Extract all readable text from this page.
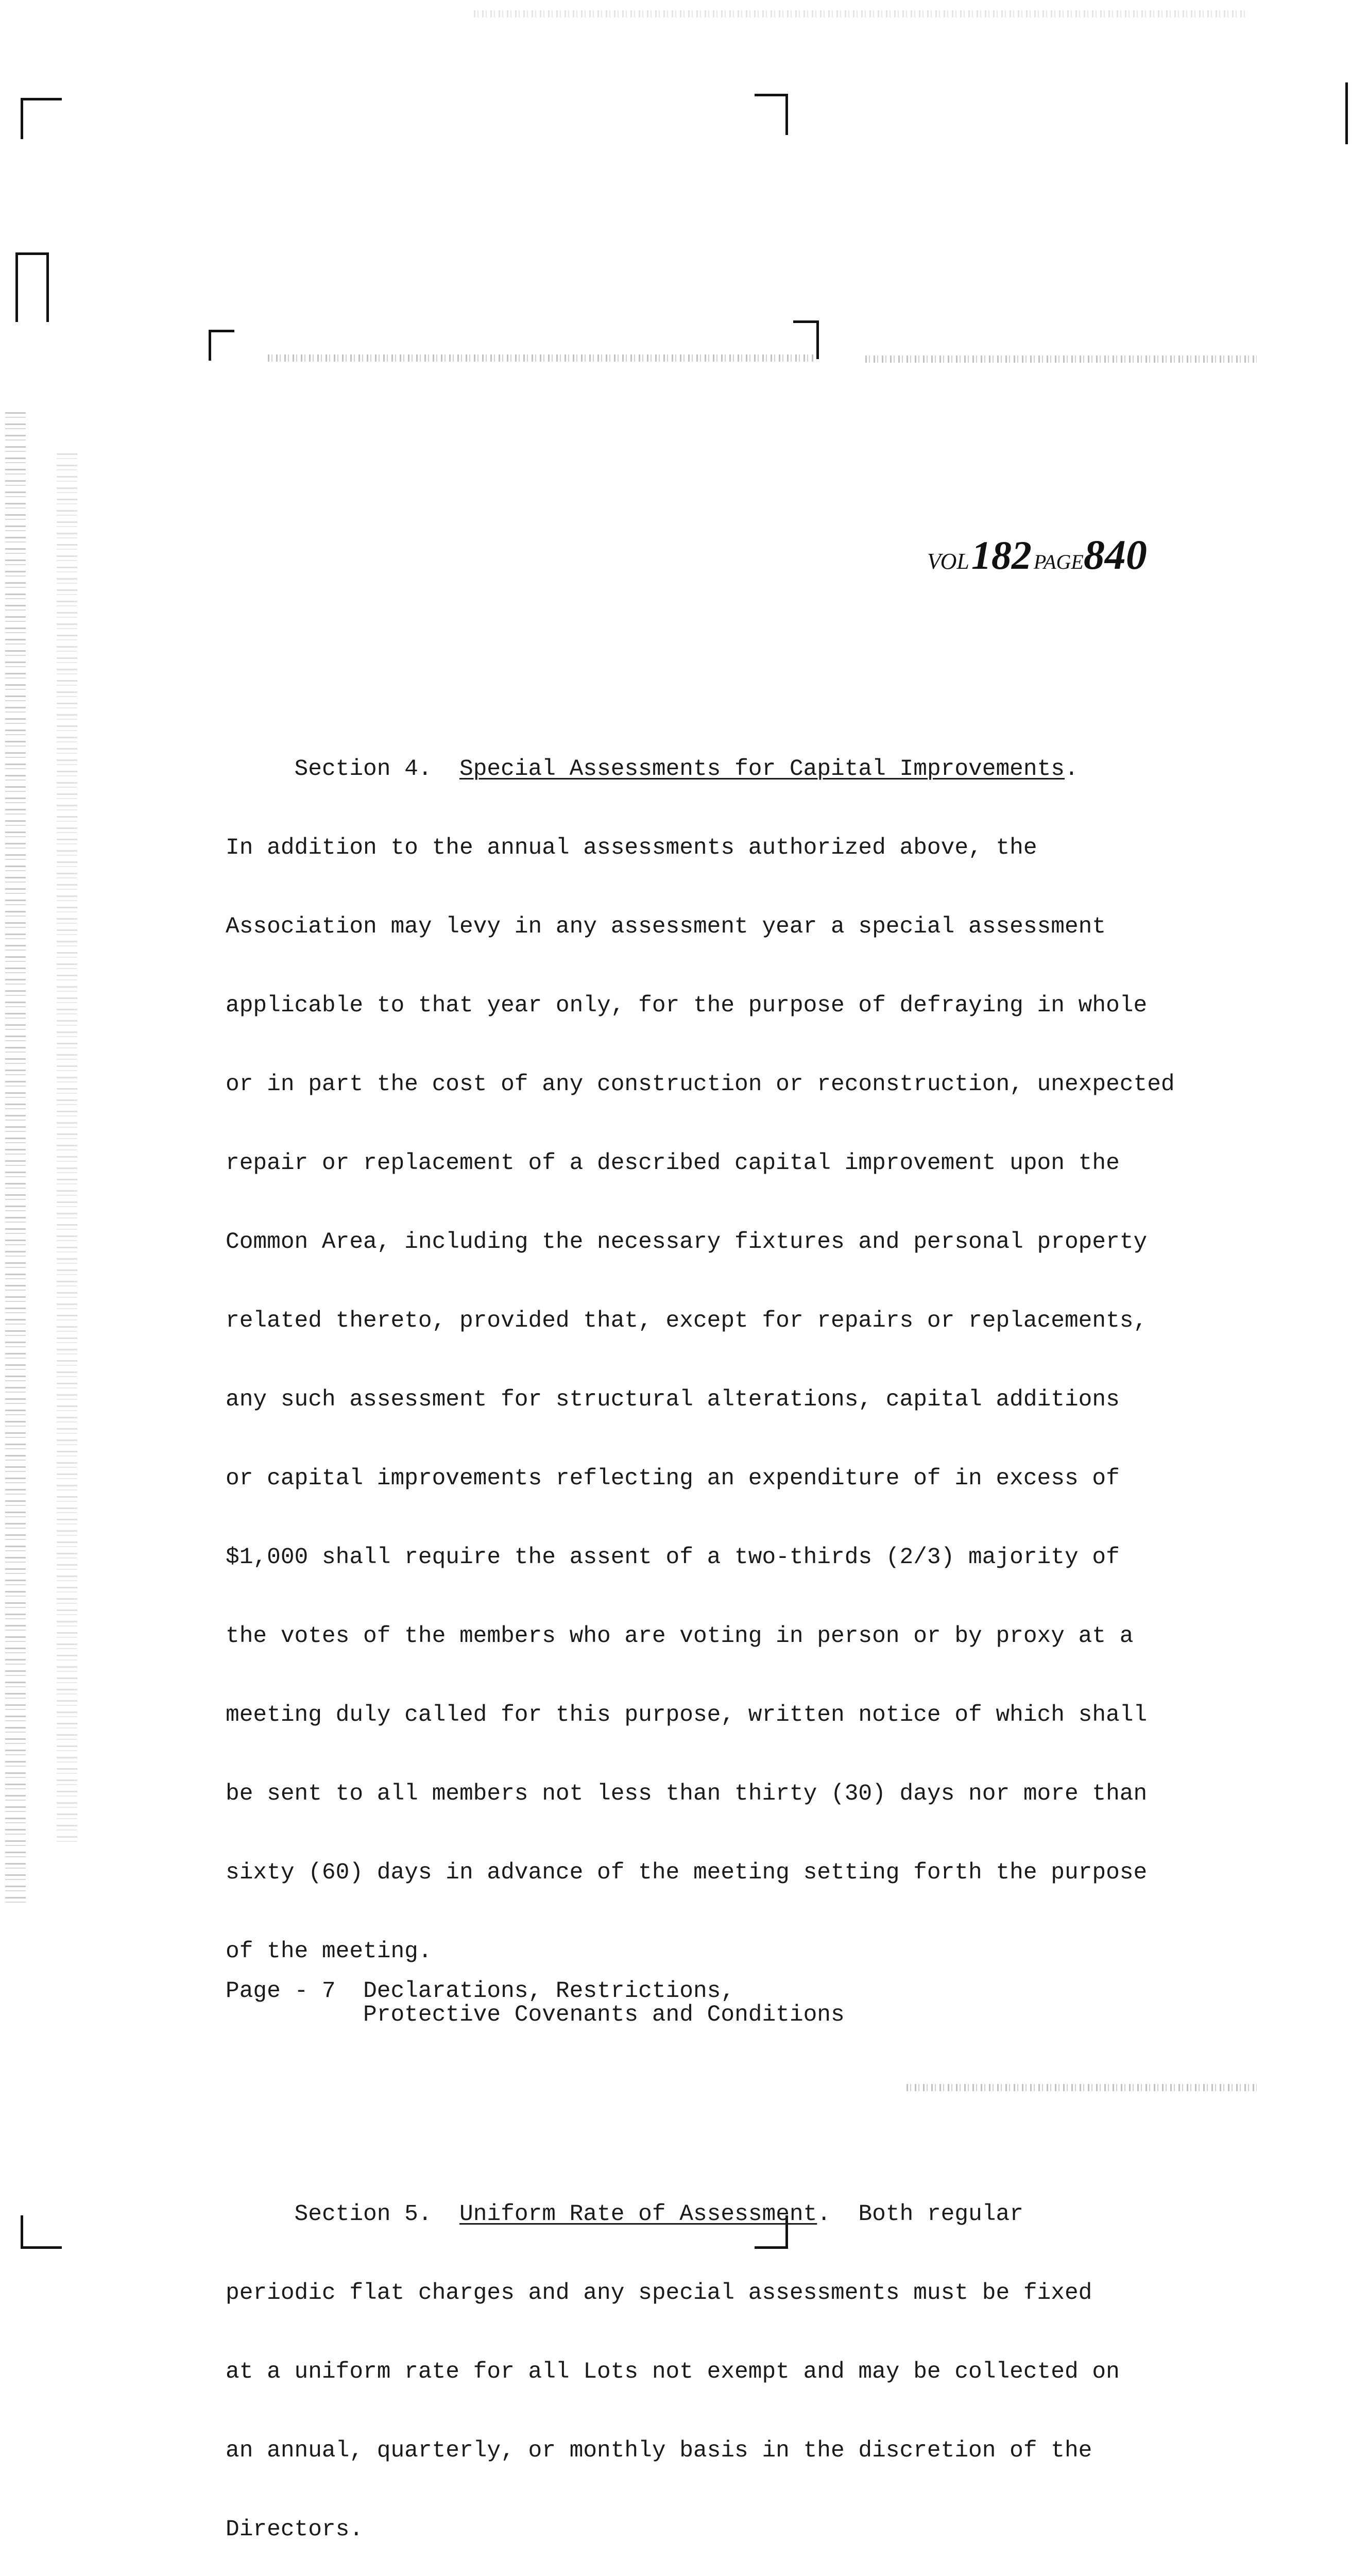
VOL 182 PAGE840

Section 4. Special Assessments for Capital Improvements.

In addition to the annual assessments authorized above, the

Association may levy in any assessment year a special assessment

applicable to that year only, for the purpose of defraying in whole

or in part the cost of any construction or reconstruction, unexpected

repair or replacement of a described capital improvement upon the

Common Area, including the necessary fixtures and personal property

related thereto, provided that, except for repairs or replacements,

any such assessment for structural alterations, capital additions

or capital improvements reflecting an expenditure of in excess of

$1,000 shall require the assent of a two-thirds (2/3) majority of

the votes of the members who are voting in person or by proxy at a

meeting duly called for this purpose, written notice of which shall

be sent to all members not less than thirty (30) days nor more than

sixty (60) days in advance of the meeting setting forth the purpose

of the meeting.

Section 5. Uniform Rate of Assessment.  Both regular

periodic flat charges and any special assessments must be fixed

at a uniform rate for all Lots not exempt and may be collected on

an annual, quarterly, or monthly basis in the discretion of the

Directors.

Page - 7 Declarations, Restrictions,
Protective Covenants and Conditions
